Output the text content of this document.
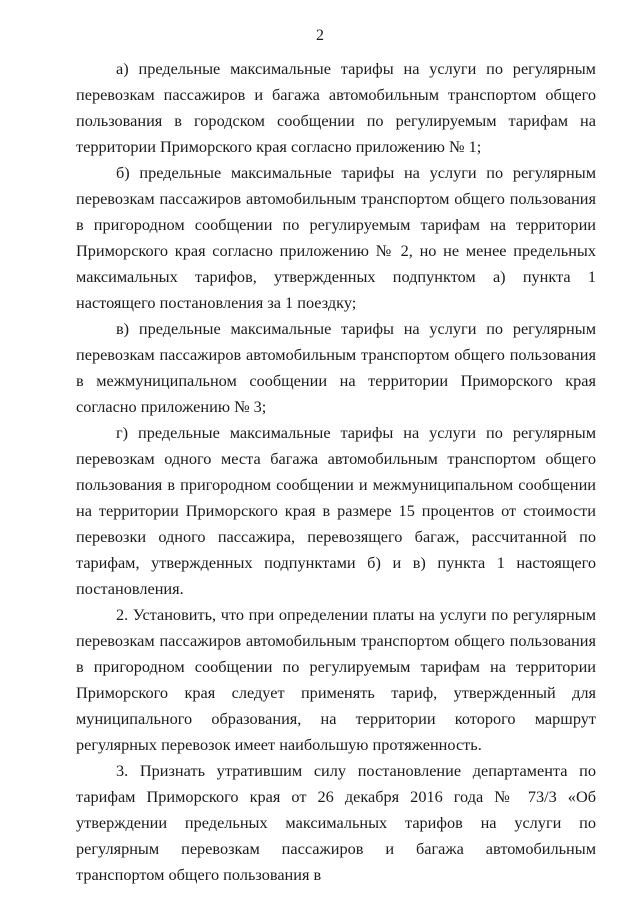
2

а) предельные максимальные тарифы на услуги по регулярным перевозкам пассажиров и багажа автомобильным транспортом общего пользования в городском сообщении по регулируемым тарифам на территории Приморского края согласно приложению № 1;

б) предельные максимальные тарифы на услуги по регулярным перевозкам пассажиров автомобильным транспортом общего пользования в пригородном сообщении по регулируемым тарифам на территории Приморского края согласно приложению № 2, но не менее предельных максимальных тарифов, утвержденных подпунктом а) пункта 1 настоящего постановления за 1 поездку;

в) предельные максимальные тарифы на услуги по регулярным перевозкам пассажиров автомобильным транспортом общего пользования в межмуниципальном сообщении на территории Приморского края согласно приложению № 3;

г) предельные максимальные тарифы на услуги по регулярным перевозкам одного места багажа автомобильным транспортом общего пользования в пригородном сообщении и межмуниципальном сообщении на территории Приморского края в размере 15 процентов от стоимости перевозки одного пассажира, перевозящего багаж, рассчитанной по тарифам, утвержденных подпунктами б) и в) пункта 1 настоящего постановления.

2. Установить, что при определении платы на услуги по регулярным перевозкам пассажиров автомобильным транспортом общего пользования в пригородном сообщении по регулируемым тарифам на территории Приморского края следует применять тариф, утвержденный для муниципального образования, на территории которого маршрут регулярных перевозок имеет наибольшую протяженность.

3. Признать утратившим силу постановление департамента по тарифам Приморского края от 26 декабря 2016 года № 73/3 «Об утверждении предельных максимальных тарифов на услуги по регулярным перевозкам пассажиров и багажа автомобильным транспортом общего пользования в
